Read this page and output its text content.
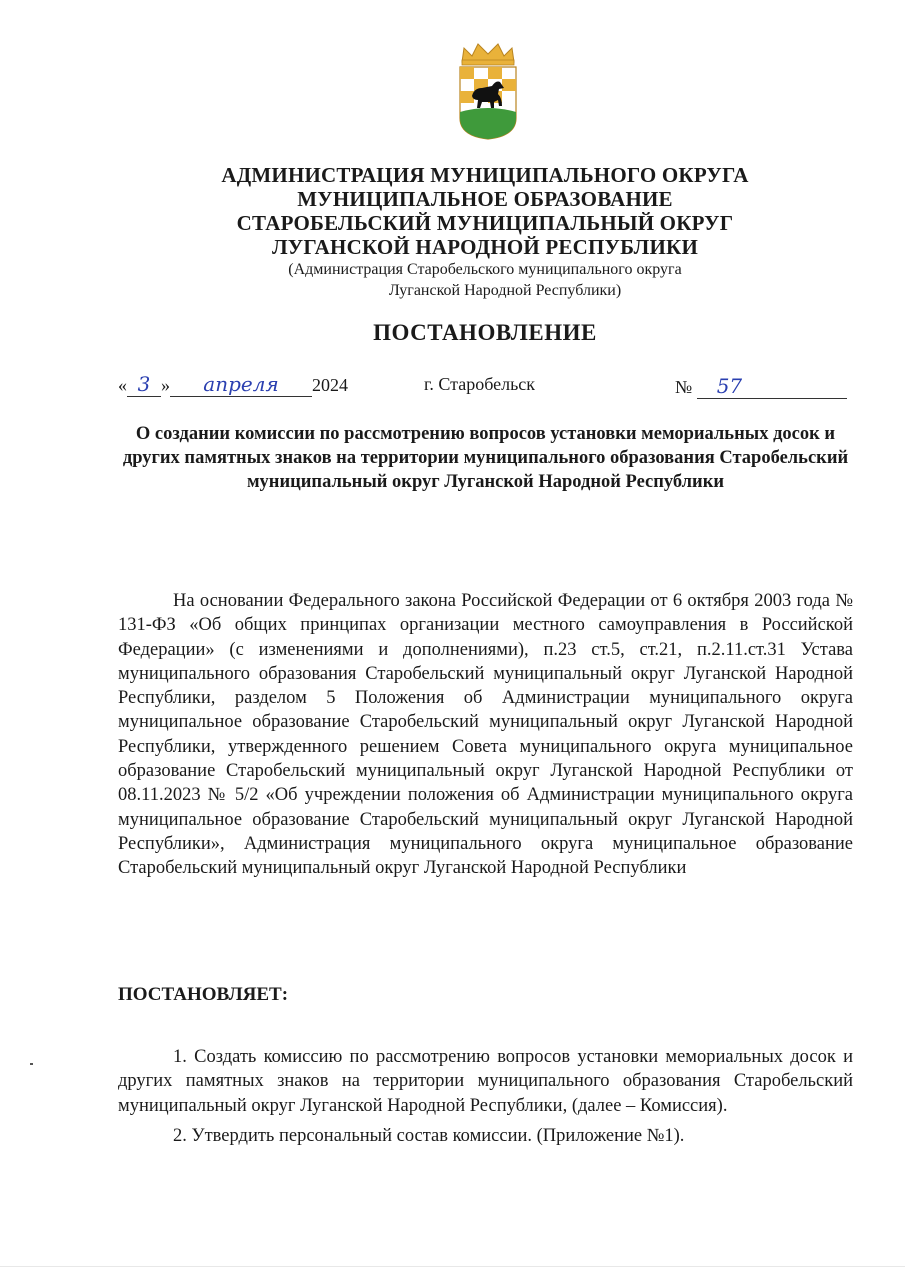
АДМИНИСТРАЦИЯ МУНИЦИПАЛЬНОГО ОКРУГА
МУНИЦИПАЛЬНОЕ ОБРАЗОВАНИЕ
СТАРОБЕЛЬСКИЙ МУНИЦИПАЛЬНЫЙ ОКРУГ
ЛУГАНСКОЙ НАРОДНОЙ РЕСПУБЛИКИ
(Администрация Старобельского муниципального округа
Луганской Народной Республики)
ПОСТАНОВЛЕНИЕ
« 3 » апреля 2024	г. Старобельск	№ 57
О создании комиссии по рассмотрению вопросов установки мемориальных досок и других памятных знаков на территории муниципального образования Старобельский муниципальный округ Луганской Народной Республики

На основании Федерального закона Российской Федерации от 6 октября 2003 года № 131-ФЗ «Об общих принципах организации местного самоуправления в Российской Федерации» (с изменениями и дополнениями), п.23 ст.5, ст.21, п.2.11.ст.31 Устава муниципального образования Старобельский муниципальный округ Луганской Народной Республики, разделом 5 Положения об Администрации муниципального округа муниципальное образование Старобельский муниципальный округ Луганской Народной Республики, утвержденного решением Совета муниципального округа муниципальное образование Старобельский муниципальный округ Луганской Народной Республики от 08.11.2023 № 5/2 «Об учреждении положения об Администрации муниципального округа муниципальное образование Старобельский муниципальный округ Луганской Народной Республики», Администрация муниципального округа муниципальное образование Старобельский муниципальный округ Луганской Народной Республики

ПОСТАНОВЛЯЕТ:

1. Создать комиссию по рассмотрению вопросов установки мемориальных досок и других памятных знаков на территории муниципального образования Старобельский муниципальный округ Луганской Народной Республики, (далее – Комиссия).

2. Утвердить персональный состав комиссии. (Приложение №1).
